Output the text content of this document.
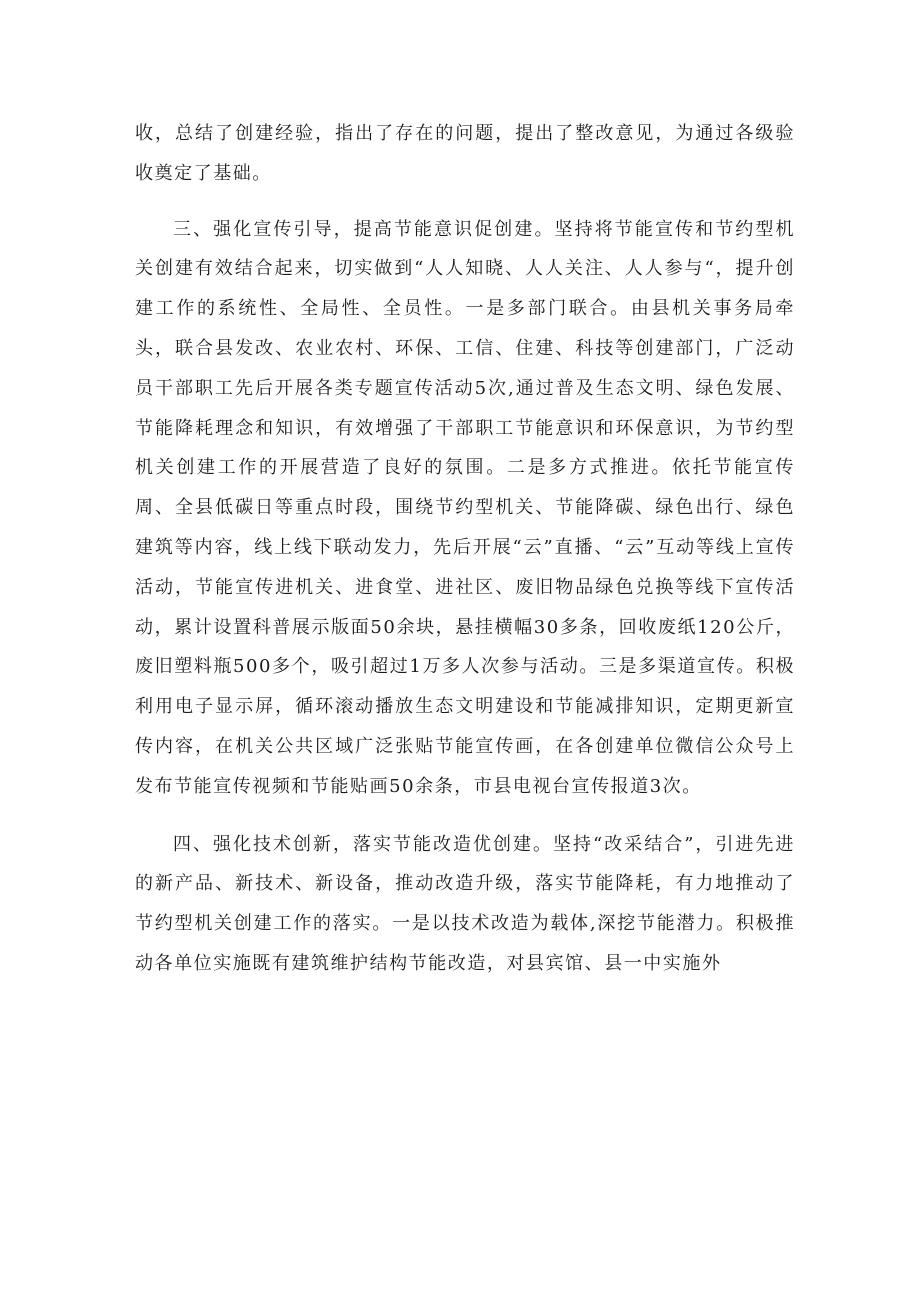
收，总结了创建经验，指出了存在的问题，提出了整改意见，为通过各级验收奠定了基础。

三、强化宣传引导，提高节能意识促创建。坚持将节能宣传和节约型机关创建有效结合起来，切实做到“人人知晓、人人关注、人人参与“，提升创建工作的系统性、全局性、全员性。一是多部门联合。由县机关事务局牵头，联合县发改、农业农村、环保、工信、住建、科技等创建部门，广泛动员干部职工先后开展各类专题宣传活动5次,通过普及生态文明、绿色发展、节能降耗理念和知识，有效增强了干部职工节能意识和环保意识，为节约型机关创建工作的开展营造了良好的氛围。二是多方式推进。依托节能宣传周、全县低碳日等重点时段，围绕节约型机关、节能降碳、绿色出行、绿色建筑等内容，线上线下联动发力，先后开展“云”直播、“云”互动等线上宣传活动，节能宣传进机关、进食堂、进社区、废旧物品绿色兑换等线下宣传活动，累计设置科普展示版面50余块，悬挂横幅30多条，回收废纸120公斤，废旧塑料瓶500多个，吸引超过1万多人次参与活动。三是多渠道宣传。积极利用电子显示屏，循环滚动播放生态文明建设和节能减排知识，定期更新宣传内容，在机关公共区域广泛张贴节能宣传画，在各创建单位微信公众号上发布节能宣传视频和节能贴画50余条，市县电视台宣传报道3次。

四、强化技术创新，落实节能改造优创建。坚持“改采结合”，引进先进的新产品、新技术、新设备，推动改造升级，落实节能降耗，有力地推动了节约型机关创建工作的落实。一是以技术改造为载体,深挖节能潜力。积极推动各单位实施既有建筑维护结构节能改造，对县宾馆、县一中实施外
